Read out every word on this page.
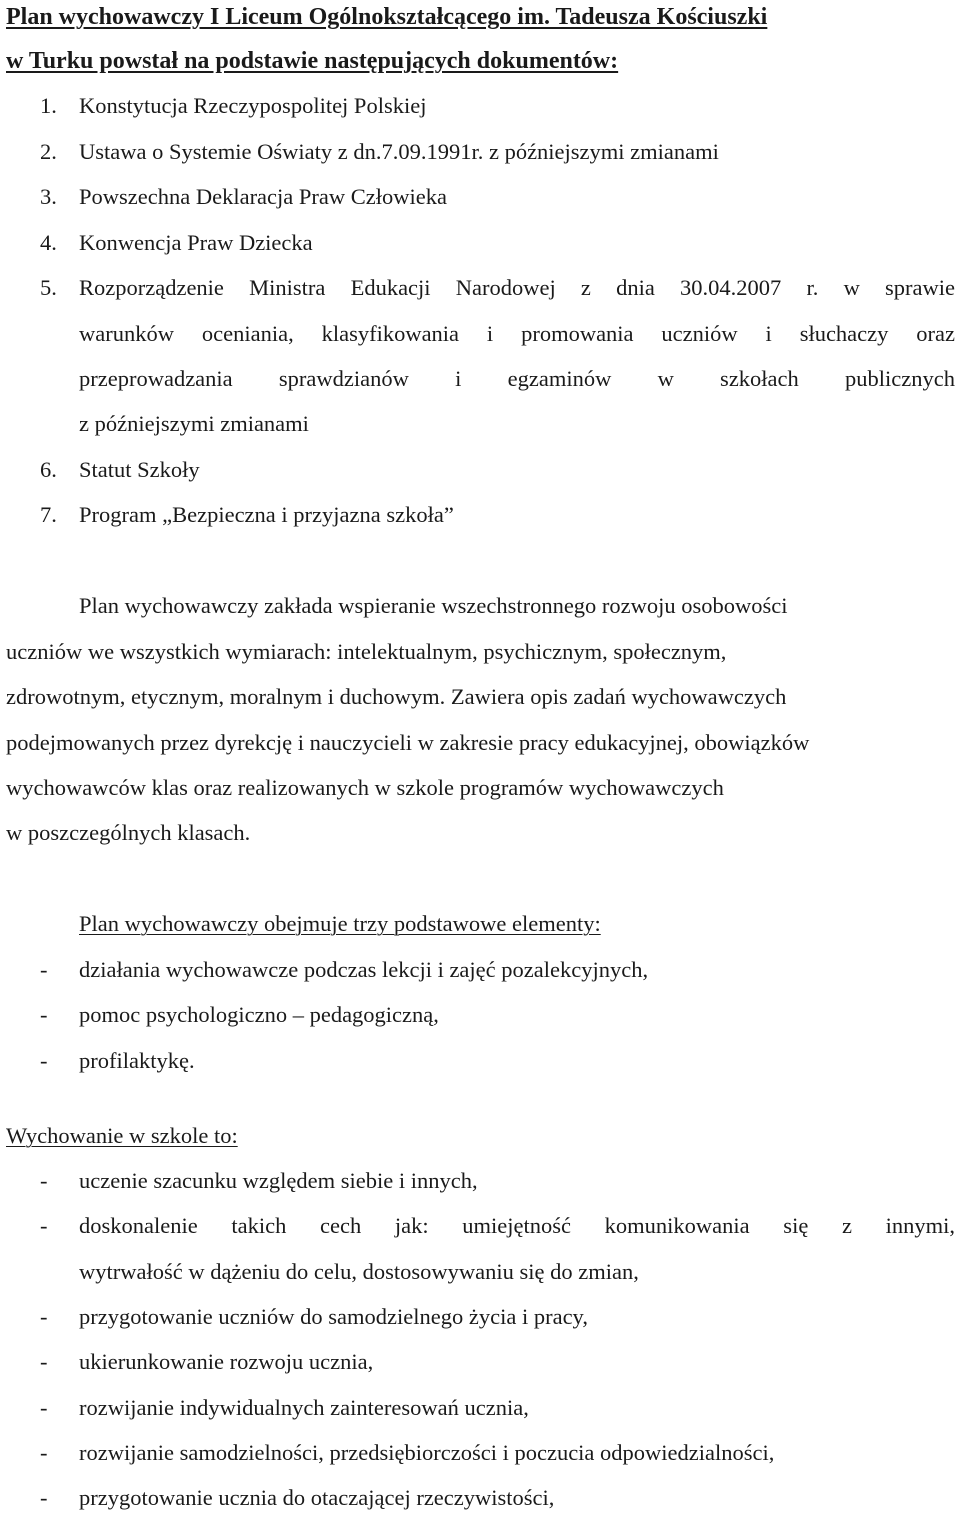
Plan wychowawczy I Liceum Ogólnokształcącego im. Tadeusza Kościuszki
w Turku powstał na podstawie następujących dokumentów:
1. Konstytucja Rzeczypospolitej Polskiej
2. Ustawa o Systemie Oświaty z dn.7.09.1991r. z późniejszymi zmianami
3. Powszechna Deklaracja Praw Człowieka
4. Konwencja Praw Dziecka
5. Rozporządzenie Ministra Edukacji Narodowej z dnia 30.04.2007 r. w sprawie
warunków oceniania, klasyfikowania i promowania uczniów i słuchaczy oraz
przeprowadzania sprawdzianów i egzaminów w szkołach publicznych
z późniejszymi zmianami
6. Statut Szkoły
7. Program „Bezpieczna i przyjazna szkoła”
Plan wychowawczy zakłada wspieranie wszechstronnego rozwoju osobowości
uczniów we wszystkich wymiarach: intelektualnym, psychicznym, społecznym,
zdrowotnym, etycznym, moralnym i duchowym. Zawiera opis zadań wychowawczych
podejmowanych przez dyrekcję i nauczycieli w zakresie pracy edukacyjnej, obowiązków
wychowawców klas oraz realizowanych w szkole programów wychowawczych
w poszczególnych klasach.
Plan wychowawczy obejmuje trzy podstawowe elementy:
- działania wychowawcze podczas lekcji i zajęć pozalekcyjnych,
- pomoc psychologiczno – pedagogiczną,
- profilaktykę.
Wychowanie w szkole to:
- uczenie szacunku względem siebie i innych,
- doskonalenie takich cech jak: umiejętność komunikowania się z innymi,
wytrwałość w dążeniu do celu, dostosowywaniu się do zmian,
- przygotowanie uczniów do samodzielnego życia i pracy,
- ukierunkowanie rozwoju ucznia,
- rozwijanie indywidualnych zainteresowań ucznia,
- rozwijanie samodzielności, przedsiębiorczości i poczucia odpowiedzialności,
- przygotowanie ucznia do otaczającej rzeczywistości,
